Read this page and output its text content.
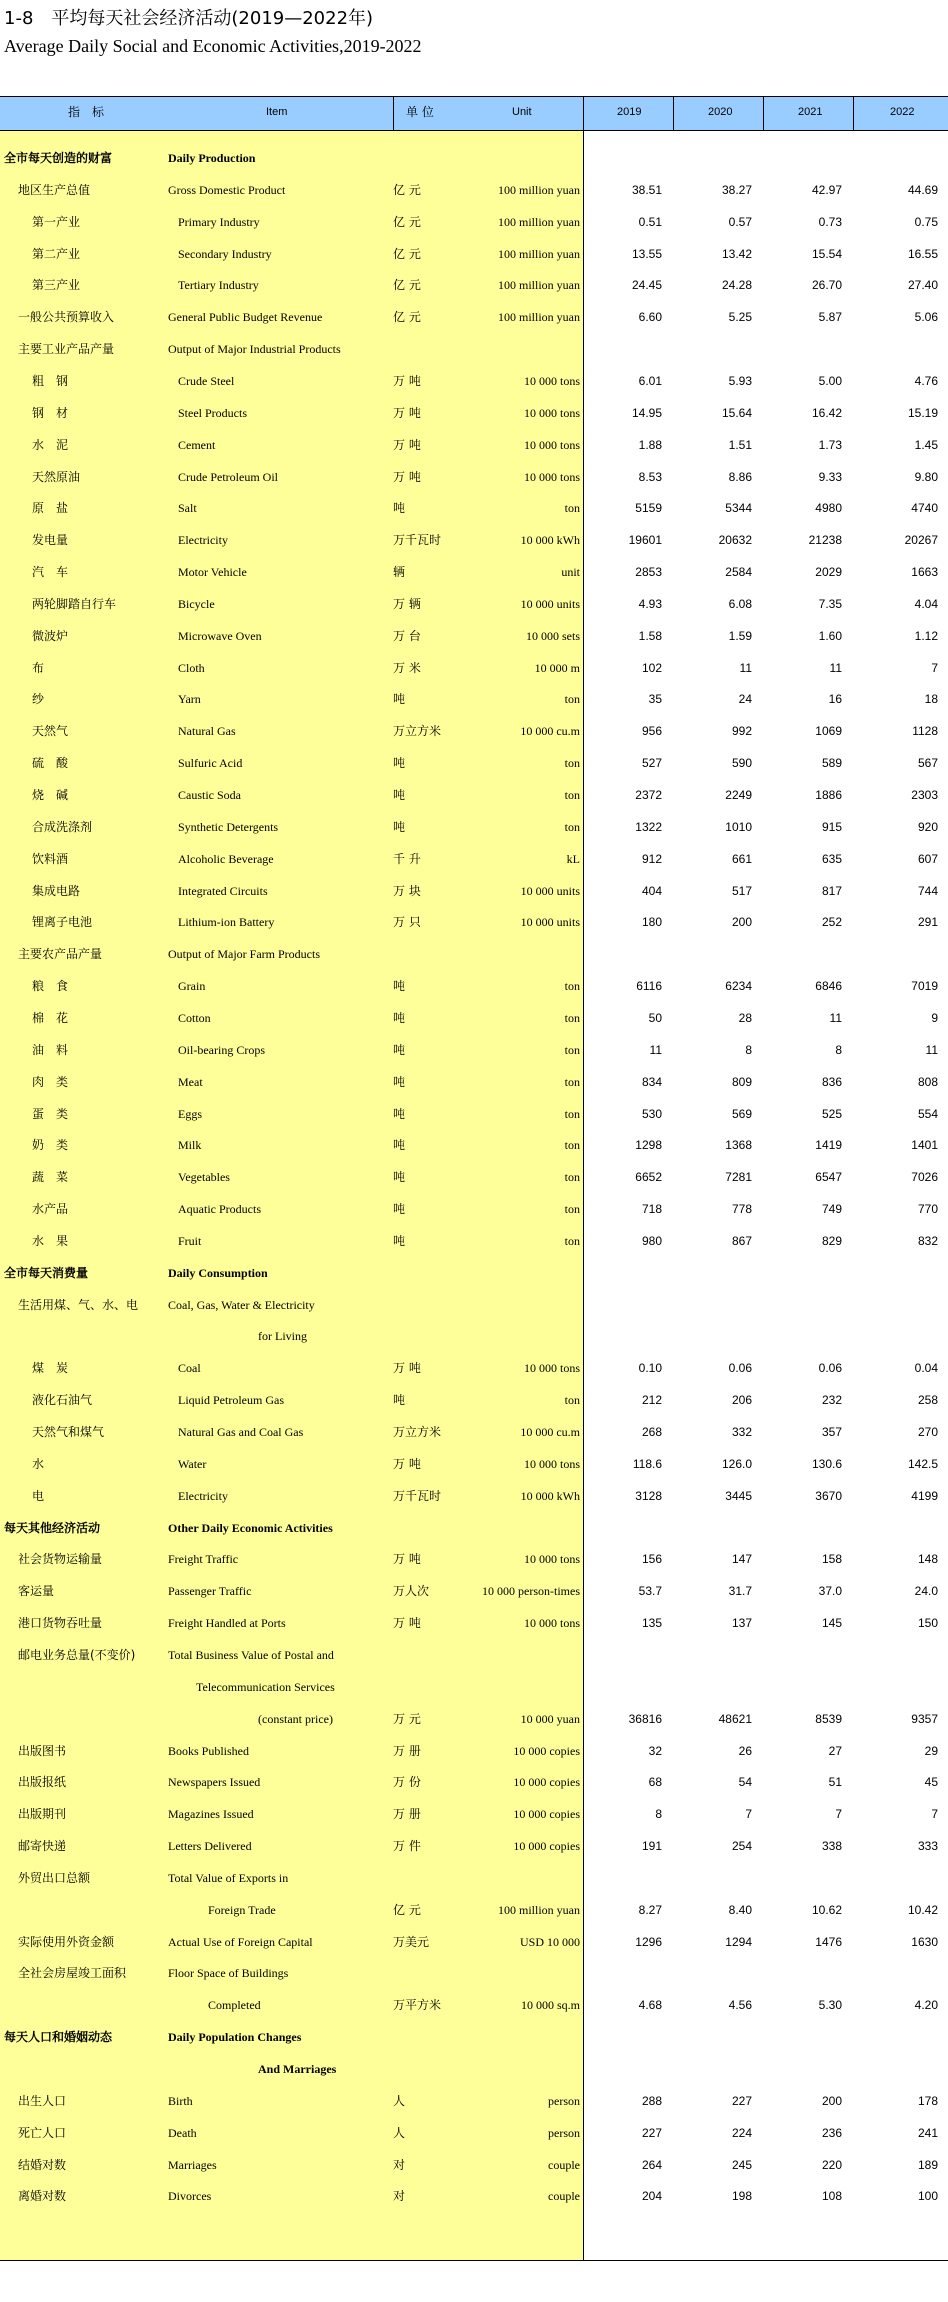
1-8　平均每天社会经济活动(2019—2022年)
Average Daily Social and Economic Activities,2019-2022
指　标	Item	单 位	Unit	2019	2020	2021	2022
全市每天创造的财富	Daily Production
地区生产总值	Gross Domestic Product	亿 元	100 million yuan	38.51	38.27	42.97	44.69
第一产业	Primary Industry	亿 元	100 million yuan	0.51	0.57	0.73	0.75
第二产业	Secondary Industry	亿 元	100 million yuan	13.55	13.42	15.54	16.55
第三产业	Tertiary Industry	亿 元	100 million yuan	24.45	24.28	26.70	27.40
一般公共预算收入	General Public Budget Revenue	亿 元	100 million yuan	6.60	5.25	5.87	5.06
主要工业产品产量	Output of Major Industrial Products
粗　钢	Crude Steel	万 吨	10 000 tons	6.01	5.93	5.00	4.76
钢　材	Steel Products	万 吨	10 000 tons	14.95	15.64	16.42	15.19
水　泥	Cement	万 吨	10 000 tons	1.88	1.51	1.73	1.45
天然原油	Crude Petroleum Oil	万 吨	10 000 tons	8.53	8.86	9.33	9.80
原　盐	Salt	吨	ton	5159	5344	4980	4740
发电量	Electricity	万千瓦时	10 000 kWh	19601	20632	21238	20267
汽　车	Motor Vehicle	辆	unit	2853	2584	2029	1663
两轮脚踏自行车	Bicycle	万 辆	10 000 units	4.93	6.08	7.35	4.04
微波炉	Microwave Oven	万 台	10 000 sets	1.58	1.59	1.60	1.12
布	Cloth	万 米	10 000 m	102	11	11	7
纱	Yarn	吨	ton	35	24	16	18
天然气	Natural Gas	万立方米	10 000 cu.m	956	992	1069	1128
硫　酸	Sulfuric Acid	吨	ton	527	590	589	567
烧　碱	Caustic Soda	吨	ton	2372	2249	1886	2303
合成洗涤剂	Synthetic Detergents	吨	ton	1322	1010	915	920
饮料酒	Alcoholic Beverage	千 升	kL	912	661	635	607
集成电路	Integrated Circuits	万 块	10 000 units	404	517	817	744
锂离子电池	Lithium-ion Battery	万 只	10 000 units	180	200	252	291
主要农产品产量	Output of Major Farm Products
粮　食	Grain	吨	ton	6116	6234	6846	7019
棉　花	Cotton	吨	ton	50	28	11	9
油　料	Oil-bearing Crops	吨	ton	11	8	8	11
肉　类	Meat	吨	ton	834	809	836	808
蛋　类	Eggs	吨	ton	530	569	525	554
奶　类	Milk	吨	ton	1298	1368	1419	1401
蔬　菜	Vegetables	吨	ton	6652	7281	6547	7026
水产品	Aquatic Products	吨	ton	718	778	749	770
水　果	Fruit	吨	ton	980	867	829	832
全市每天消费量	Daily Consumption
生活用煤、气、水、电 Coal, Gas, Water & Electricity
for Living
煤　炭	Coal	万 吨	10 000 tons	0.10	0.06	0.06	0.04
液化石油气	Liquid Petroleum Gas	吨	ton	212	206	232	258
天然气和煤气	Natural Gas and Coal Gas	万立方米	10 000 cu.m	268	332	357	270
水	Water	万 吨	10 000 tons	118.6	126.0	130.6	142.5
电	Electricity	万千瓦时	10 000 kWh	3128	3445	3670	4199
每天其他经济活动	Other Daily Economic Activities
社会货物运输量	Freight Traffic	万 吨	10 000 tons	156	147	158	148
客运量	Passenger Traffic	万人次	10 000 person-times	53.7	31.7	37.0	24.0
港口货物吞吐量	Freight Handled at Ports	万 吨	10 000 tons	135	137	145	150
邮电业务总量(不变价)	Total Business Value of Postal and
Telecommunication Services
(constant price)	万 元	10 000 yuan	36816	48621	8539	9357
出版图书	Books Published	万 册	10 000 copies	32	26	27	29
出版报纸	Newspapers Issued	万 份	10 000 copies	68	54	51	45
出版期刊	Magazines Issued	万 册	10 000 copies	8	7	7	7
邮寄快递	Letters Delivered	万 件	10 000 copies	191	254	338	333
外贸出口总额	Total Value of Exports in
Foreign Trade	亿 元	100 million yuan	8.27	8.40	10.62	10.42
实际使用外资金额	Actual Use of Foreign Capital	万美元	USD 10 000	1296	1294	1476	1630
全社会房屋竣工面积	Floor Space of Buildings
Completed	万平方米	10 000 sq.m	4.68	4.56	5.30	4.20
每天人口和婚姻动态	Daily Population Changes
And Marriages
出生人口	Birth	人	person	288	227	200	178
死亡人口	Death	人	person	227	224	236	241
结婚对数	Marriages	对	couple	264	245	220	189
离婚对数	Divorces	对	couple	204	198	108	100
